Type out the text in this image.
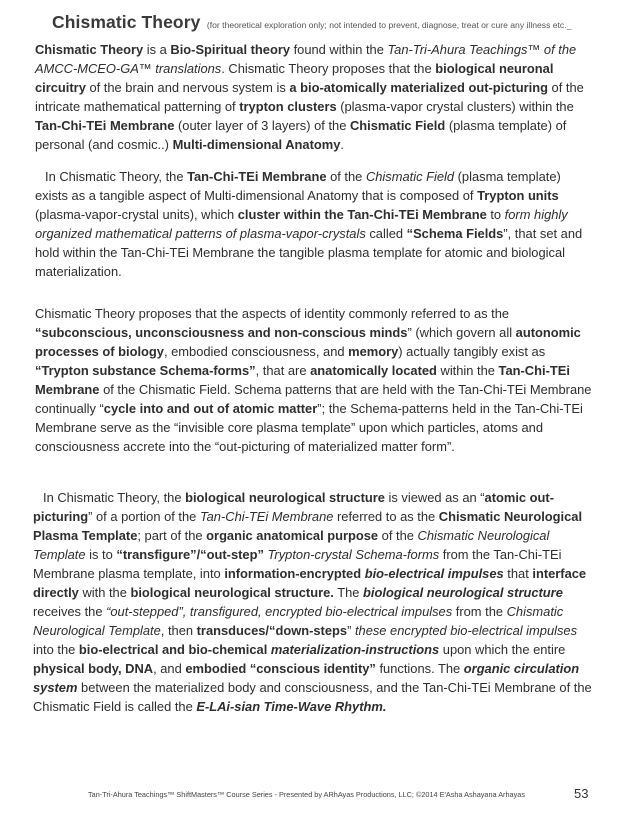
Chismatic Theory (for theoretical exploration only; not intended to prevent, diagnose, treat or cure any illness etc._

Chismatic Theory is a Bio-Spiritual theory found within the Tan-Tri-Ahura Teachings™ of the AMCC-MCEO-GA™ translations. Chismatic Theory proposes that the biological neuronal circuitry of the brain and nervous system is a bio-atomically materialized out-picturing of the intricate mathematical patterning of trypton clusters (plasma-vapor crystal clusters) within the Tan-Chi-TEi Membrane (outer layer of 3 layers) of the Chismatic Field (plasma template) of personal (and cosmic..) Multi-dimensional Anatomy.

In Chismatic Theory, the Tan-Chi-TEi Membrane of the Chismatic Field (plasma template) exists as a tangible aspect of Multi-dimensional Anatomy that is composed of Trypton units (plasma-vapor-crystal units), which cluster within the Tan-Chi-TEi Membrane to form highly organized mathematical patterns of plasma-vapor-crystals called “Schema Fields”, that set and hold within the Tan-Chi-TEi Membrane the tangible plasma template for atomic and biological materialization.

Chismatic Theory proposes that the aspects of identity commonly referred to as the “subconscious, unconsciousness and non-conscious minds” (which govern all autonomic processes of biology, embodied consciousness, and memory) actually tangibly exist as “Trypton substance Schema-forms”, that are anatomically located within the Tan-Chi-TEi Membrane of the Chismatic Field. Schema patterns that are held with the Tan-Chi-TEi Membrane continually “cycle into and out of atomic matter”; the Schema-patterns held in the Tan-Chi-TEi Membrane serve as the “invisible core plasma template” upon which particles, atoms and consciousness accrete into the “out-picturing of materialized matter form”.

In Chismatic Theory, the biological neurological structure is viewed as an “atomic out-picturing” of a portion of the Tan-Chi-TEi Membrane referred to as the Chismatic Neurological Plasma Template; part of the organic anatomical purpose of the Chismatic Neurological Template is to “transfigure”/“out-step” Trypton-crystal Schema-forms from the Tan-Chi-TEi Membrane plasma template, into information-encrypted bio-electrical impulses that interface directly with the biological neurological structure. The biological neurological structure receives the “out-stepped”, transfigured, encrypted bio-electrical impulses from the Chismatic Neurological Template, then transduces/“down-steps” these encrypted bio-electrical impulses into the bio-electrical and bio-chemical materialization-instructions upon which the entire physical body, DNA, and embodied “conscious identity” functions. The organic circulation system between the materialized body and consciousness, and the Tan-Chi-TEi Membrane of the Chismatic Field is called the E-LAi-sian Time-Wave Rhythm.

Tan-Tri-Ahura Teachings™ ShiftMasters™ Course Series - Presented by ARhAyas Productions, LLC; ©2014 E'Asha Ashayana Arhayas	53
